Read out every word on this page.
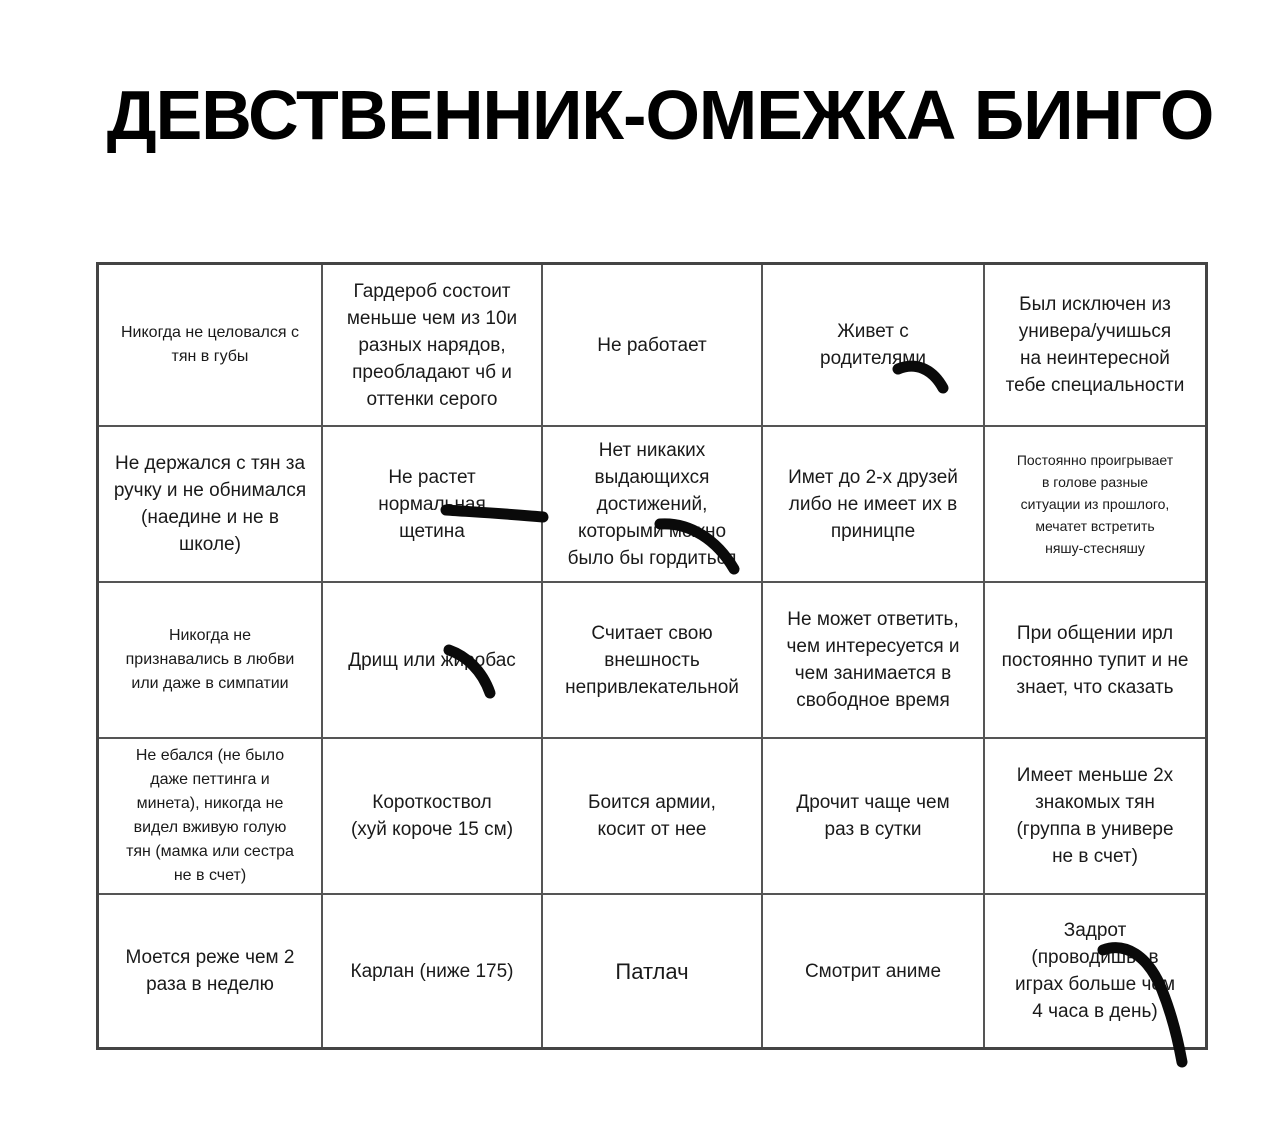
ДЕВСТВЕННИК-ОМЕЖКА БИНГО
Никогда не целовался с
тян в губы
Гардероб состоит
меньше чем из 10и
разных нарядов,
преобладают чб и
оттенки серого
Не работает
Живет с
родителями
Был исключен из
универа/учишься
на неинтересной
тебе специальности
Не держался с тян за
ручку и не обнимался
(наедине и не в
школе)
Не растет
нормальная
щетина
Нет никаких
выдающихся
достижений,
которыми можно
было бы гордиться
Имет до 2-х друзей
либо не имеет их в
приницпе
Постоянно проигрывает
в голове разные
ситуации из прошлого,
мечатет встретить
няшу-стесняшу
Никогда не
признавались в любви
или даже в симпатии
Дрищ или жиробас
Считает свою
внешность
непривлекательной
Не может ответить,
чем интересуется и
чем занимается в
свободное время
При общении ирл
постоянно тупит и не
знает, что сказать
Не ебался (не было
даже петтинга и
минета), никогда не
видел вживую голую
тян (мамка или сестра
не в счет)
Короткоствол
(хуй короче 15 см)
Боится армии,
косит от нее
Дрочит чаще чем
раз в сутки
Имеет меньше 2х
знакомых тян
(группа в универе
не в счет)
Моется реже чем 2
раза в неделю
Карлан (ниже 175)	Патлач	Смотрит аниме
Задрот
(проводишьт в
играх больше чем
4 часа в день)
